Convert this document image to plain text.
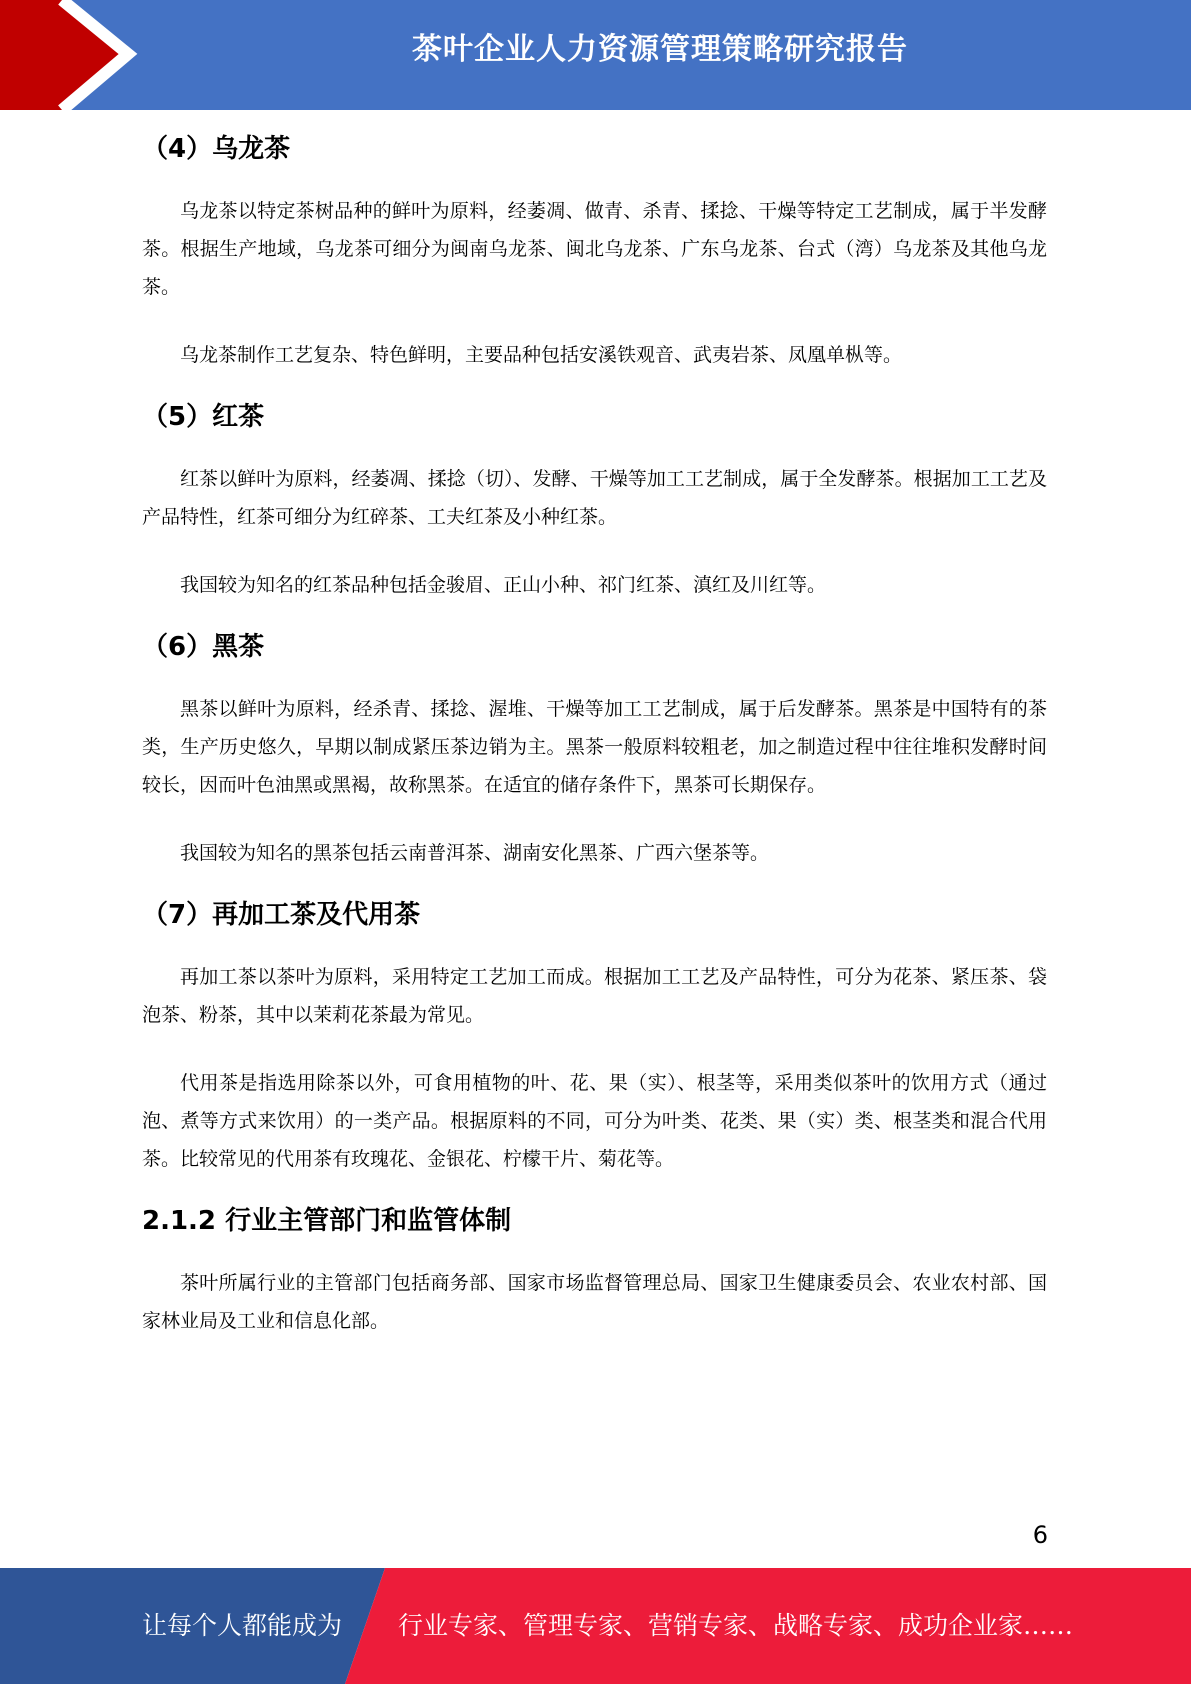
茶叶企业人力资源管理策略研究报告
（4）乌龙茶

乌龙茶以特定茶树品种的鲜叶为原料，经萎凋、做青、杀青、揉捻、干燥等特定工艺制成，属于半发酵茶。根据生产地域，乌龙茶可细分为闽南乌龙茶、闽北乌龙茶、广东乌龙茶、台式（湾）乌龙茶及其他乌龙茶。

乌龙茶制作工艺复杂、特色鲜明，主要品种包括安溪铁观音、武夷岩茶、凤凰单枞等。

（5）红茶

红茶以鲜叶为原料，经萎凋、揉捻（切）、发酵、干燥等加工工艺制成，属于全发酵茶。根据加工工艺及产品特性，红茶可细分为红碎茶、工夫红茶及小种红茶。

我国较为知名的红茶品种包括金骏眉、正山小种、祁门红茶、滇红及川红等。

（6）黑茶

黑茶以鲜叶为原料，经杀青、揉捻、渥堆、干燥等加工工艺制成，属于后发酵茶。黑茶是中国特有的茶类，生产历史悠久，早期以制成紧压茶边销为主。黑茶一般原料较粗老，加之制造过程中往往堆积发酵时间较长，因而叶色油黑或黑褐，故称黑茶。在适宜的储存条件下，黑茶可长期保存。

我国较为知名的黑茶包括云南普洱茶、湖南安化黑茶、广西六堡茶等。

（7）再加工茶及代用茶

再加工茶以茶叶为原料，采用特定工艺加工而成。根据加工工艺及产品特性，可分为花茶、紧压茶、袋泡茶、粉茶，其中以茉莉花茶最为常见。

代用茶是指选用除茶以外，可食用植物的叶、花、果（实）、根茎等，采用类似茶叶的饮用方式（通过泡、煮等方式来饮用）的一类产品。根据原料的不同，可分为叶类、花类、果（实）类、根茎类和混合代用茶。比较常见的代用茶有玫瑰花、金银花、柠檬干片、菊花等。

2.1.2 行业主管部门和监管体制

茶叶所属行业的主管部门包括商务部、国家市场监督管理总局、国家卫生健康委员会、农业农村部、国家林业局及工业和信息化部。

6
让每个人都能成为 行业专家、管理专家、营销专家、战略专家、成功企业家……
